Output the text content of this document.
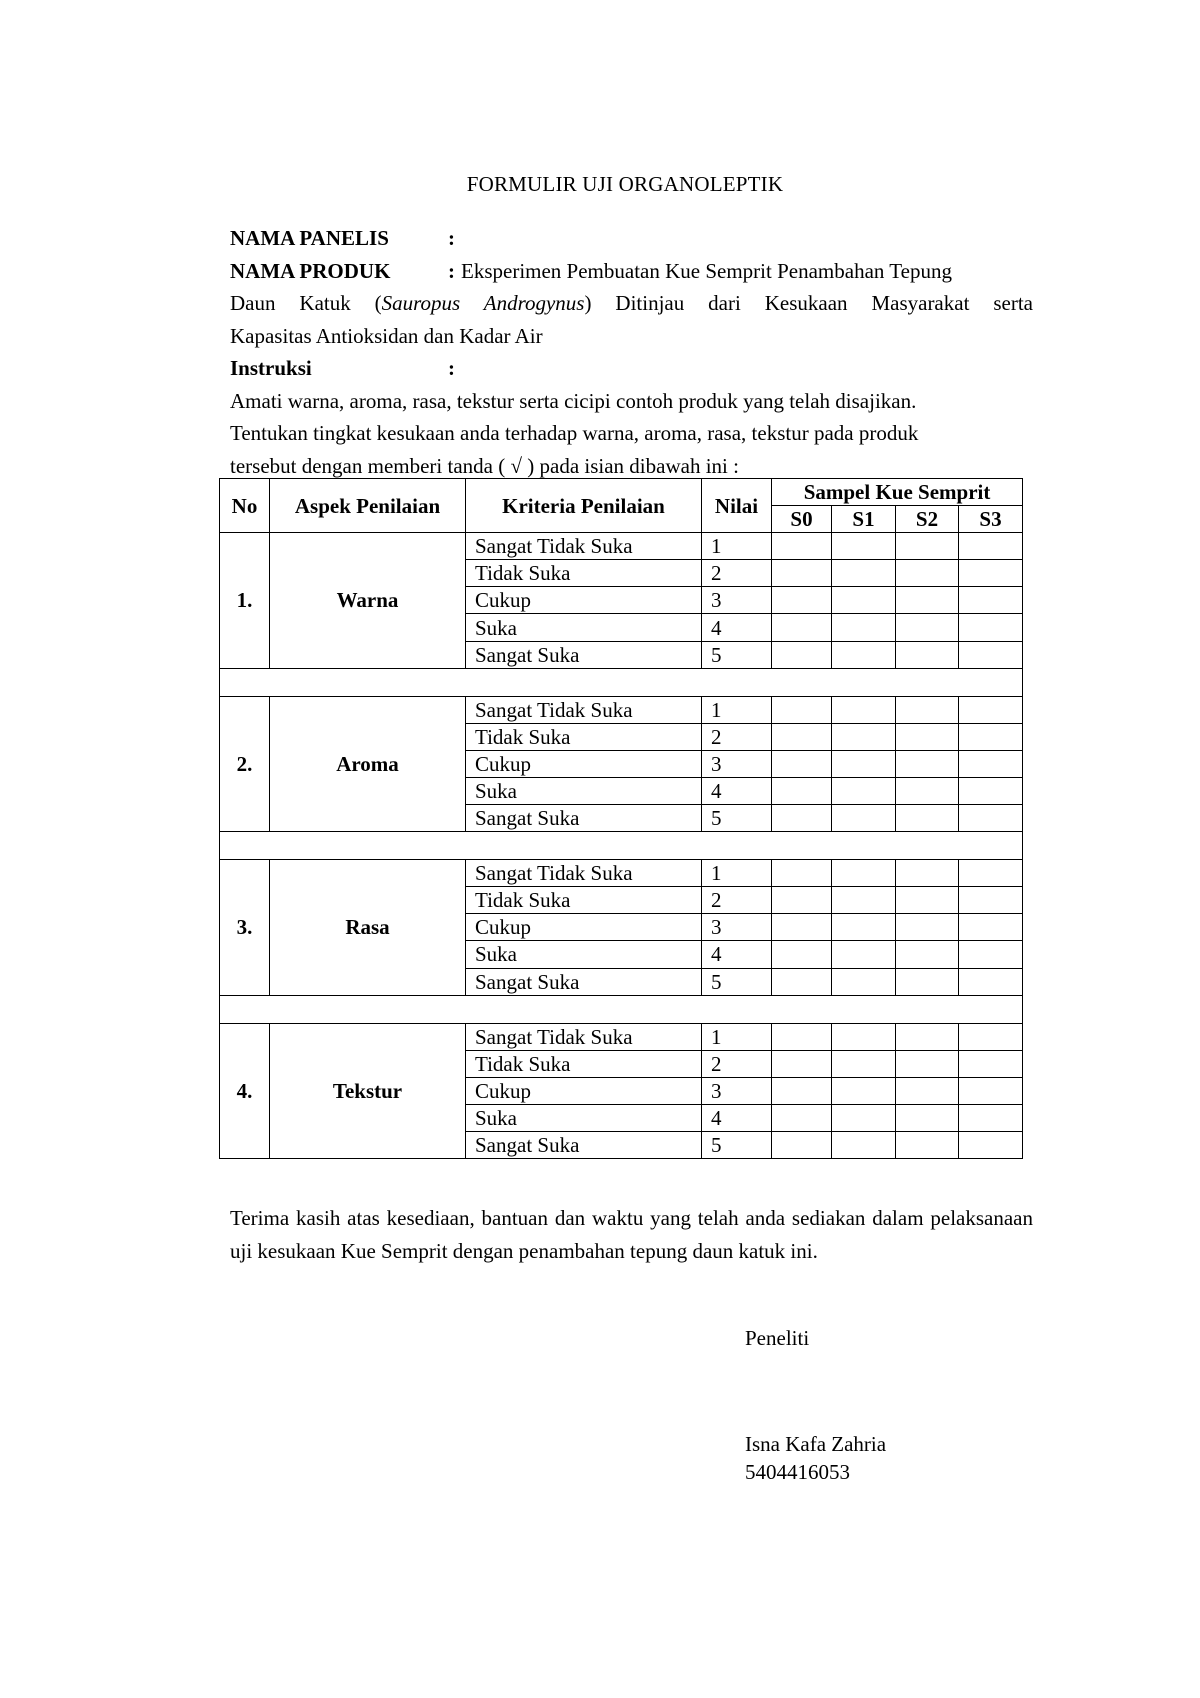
FORMULIR UJI ORGANOLEPTIK
NAMA PANELIS	:
NAMA PRODUK	: Eksperimen Pembuatan Kue Semprit Penambahan Tepung
Daun Katuk (Sauropus Androgynus) Ditinjau dari Kesukaan Masyarakat serta
Kapasitas Antioksidan dan Kadar Air
Instruksi	:
Amati warna, aroma, rasa, tekstur serta cicipi contoh produk yang telah disajikan.
Tentukan tingkat kesukaan anda terhadap warna, aroma, rasa, tekstur pada produk
tersebut dengan memberi tanda ( √ ) pada isian dibawah ini :
No	Aspek Penilaian	Kriteria Penilaian	Nilai	Sampel Kue Semprit			
				S0	S1	S2	S3
1.	Warna	Sangat Tidak Suka	1				
		Tidak Suka	2				
		Cukup	3				
		Suka	4				
		Sangat Suka	5				

2.	Aroma	Sangat Tidak Suka	1				
		Tidak Suka	2				
		Cukup	3				
		Suka	4				
		Sangat Suka	5				

3.	Rasa	Sangat Tidak Suka	1				
		Tidak Suka	2				
		Cukup	3				
		Suka	4				
		Sangat Suka	5				

4.	Tekstur	Sangat Tidak Suka	1				
		Tidak Suka	2				
		Cukup	3				
		Suka	4				
		Sangat Suka	5				
Terima kasih atas kesediaan, bantuan dan waktu yang telah anda sediakan dalam pelaksanaan uji kesukaan Kue Semprit dengan penambahan tepung daun katuk ini.
Peneliti
Isna Kafa Zahria
5404416053
